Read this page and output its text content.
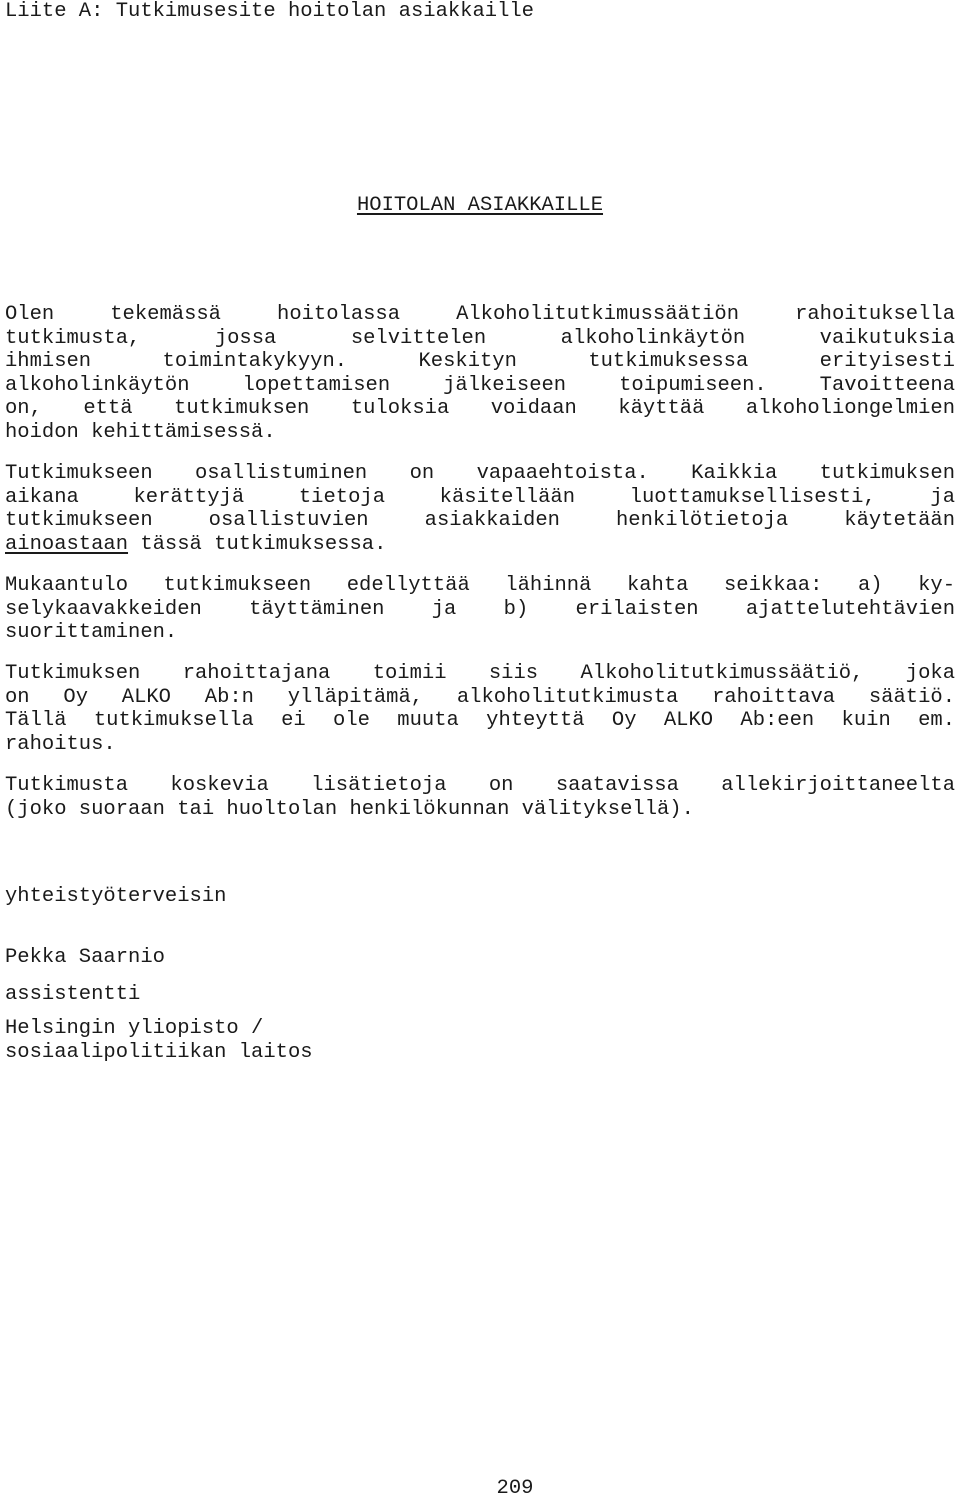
Liite A: Tutkimusesite hoitolan asiakkaille
HOITOLAN ASIAKKAILLE
Olen tekemässä hoitolassa Alkoholitutkimussäätiön rahoituksella
tutkimusta, jossa selvittelen alkoholinkäytön vaikutuksia
ihmisen toimintakykyyn. Keskityn tutkimuksessa erityisesti
alkoholinkäytön lopettamisen jälkeiseen toipumiseen. Tavoitteena
on, että tutkimuksen tuloksia voidaan käyttää alkoholiongelmien
hoidon kehittämisessä.
Tutkimukseen osallistuminen on vapaaehtoista. Kaikkia tutkimuksen
aikana kerättyjä tietoja käsitellään luottamuksellisesti, ja
tutkimukseen osallistuvien asiakkaiden henkilötietoja käytetään
ainoastaan tässä tutkimuksessa.
Mukaantulo tutkimukseen edellyttää lähinnä kahta seikkaa: a) ky-
selykaavakkeiden täyttäminen ja b) erilaisten ajattelutehtävien
suorittaminen.
Tutkimuksen rahoittajana toimii siis Alkoholitutkimussäätiö, joka
on Oy ALKO Ab:n ylläpitämä, alkoholitutkimusta rahoittava säätiö.
Tällä tutkimuksella ei ole muuta yhteyttä Oy ALKO Ab:een kuin em.
rahoitus.
Tutkimusta koskevia lisätietoja on saatavissa allekirjoittaneelta
(joko suoraan tai huoltolan henkilökunnan välityksellä).
yhteistyöterveisin
Pekka Saarnio
assistentti
Helsingin yliopisto /
sosiaalipolitiikan laitos
209
